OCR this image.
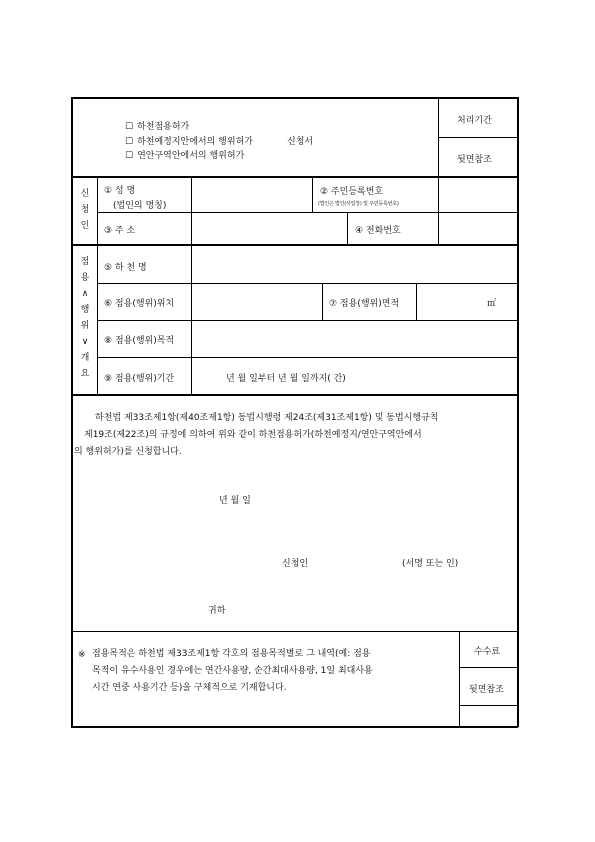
☐ 하천점용허가
☐ 하천예정지안에서의 행위허가
☐ 연안구역안에서의 행위허가
신청서
처리기간
뒷면참조
신
청
인
① 성 명
(법인의 명칭)
② 주민등록번호
(법인은 법인(사업장) 및 주민등록번호)
③ 주 소	④ 전화번호
점
용
∧
행
위
∨
개
요
⑤ 하 천 명
⑥ 점용(행위)위치	⑦ 점용(행위)면적	㎡
⑧ 점용(행위)목적
⑨ 점용(행위)기간	년 월 일부터 년 월 일까지( 간)
하천법 제33조제1항(제40조제1항) 동법시행령 제24조(제31조제1항) 및 동법시행규칙
제19조(제22조)의 규정에 의하여 위와 같이 하천점용허가(하천예정지/연안구역안에서
의 행위허가)를 신청합니다.
년 월 일
신청인	(서명 또는 인)
귀하
※ 점용목적은 하천법 제33조제1항 각호의 점용목적별로 그 내역(예: 점용
목적이 유수사용인 경우에는 연간사용량, 순간최대사용량, 1일 최대사용
시간 연중 사용기간 등)을 구체적으로 기재합니다.
수수료
뒷면참조
